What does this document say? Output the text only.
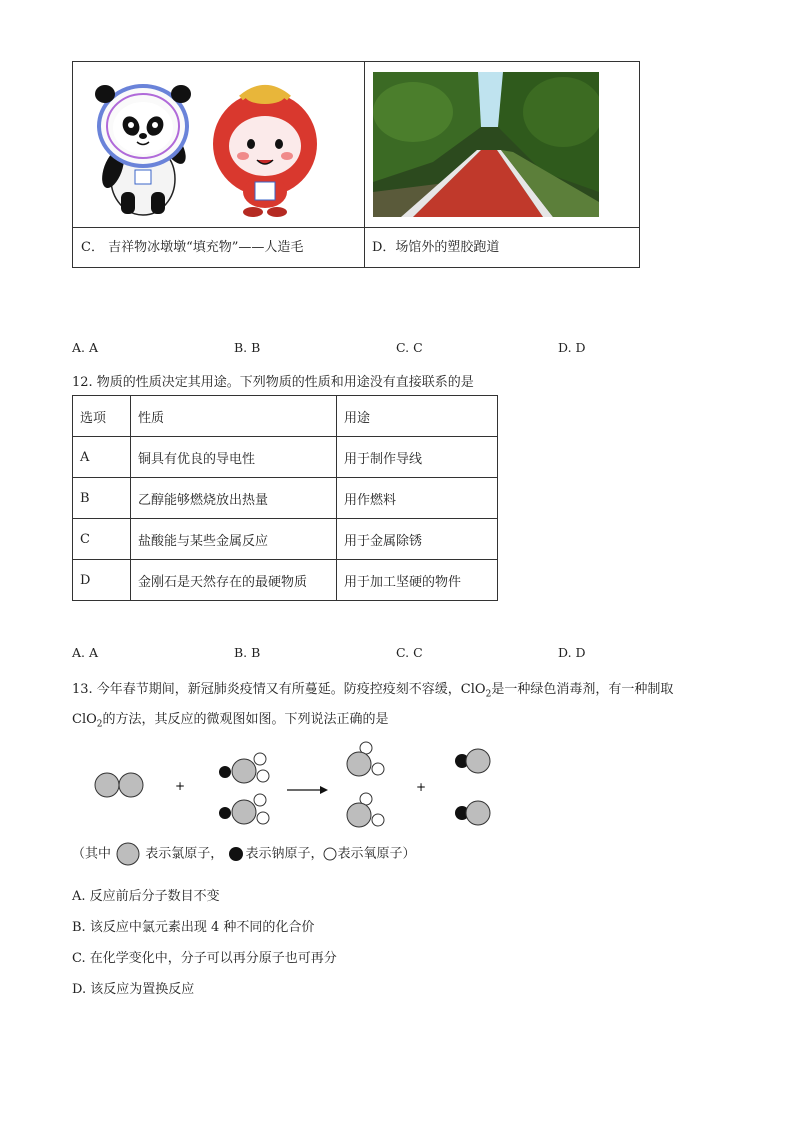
C． 吉祥物冰墩墩“填充物”——人造毛	D．场馆外的塑胶跑道
A. A	B. B	C. C	D. D
12. 物质的性质决定其用途。下列物质的性质和用途没有直接联系的是
选项	性质	用途
A	铜具有优良的导电性	用于制作导线
B	乙醇能够燃烧放出热量	用作燃料
C	盐酸能与某些金属反应	用于金属除锈
D	金刚石是天然存在的最硬物质	用于加工坚硬的物件
A. A	B. B	C. C	D. D
13. 今年春节期间，新冠肺炎疫情又有所蔓延。防疫控疫刻不容缓，ClO$_2$是一种绿色消毒剂，有一种制取
ClO$_2$的方法，其反应的微观图如图。下列说法正确的是
+	+
（其中	表示氯原子， 表示钠原子， 表示氧原子）
A. 反应前后分子数目不变
B. 该反应中氯元素出现 4 种不同的化合价
C. 在化学变化中，分子可以再分原子也可再分
D. 该反应为置换反应
